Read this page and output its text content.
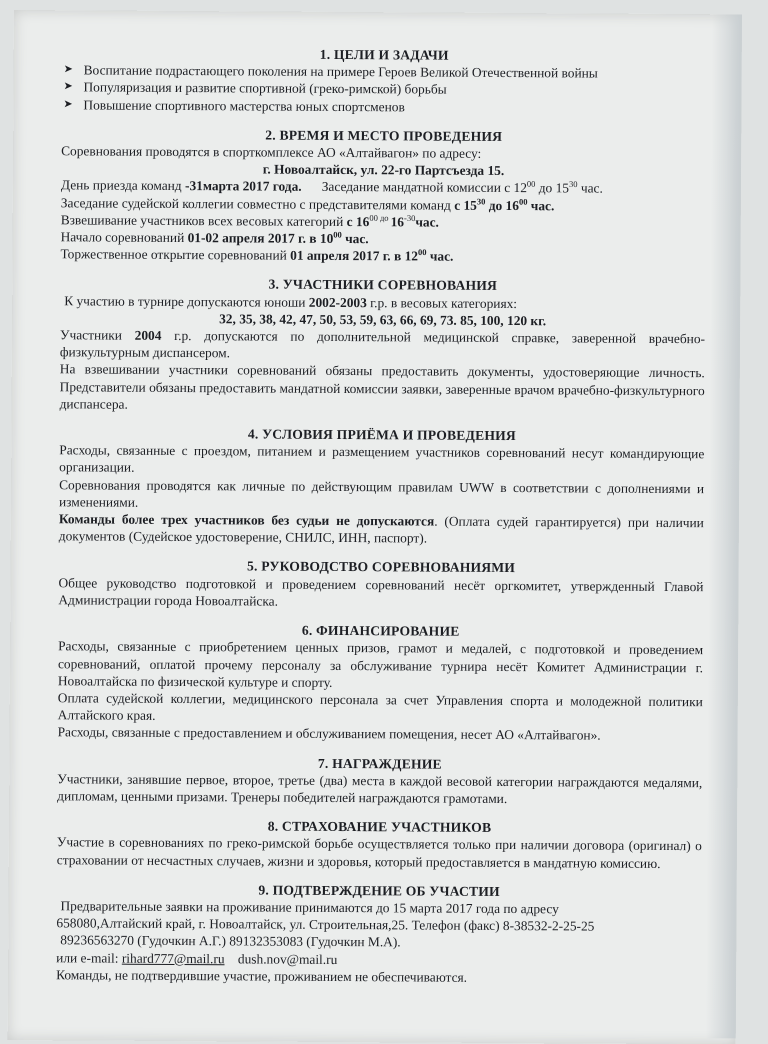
1. ЦЕЛИ И ЗАДАЧИ

➤ Воспитание подрастающего поколения на примере Героев Великой Отечественной войны
➤ Популяризация и развитие спортивной (греко-римской) борьбы
➤ Повышение спортивного мастерства юных спортсменов

2. ВРЕМЯ И МЕСТО ПРОВЕДЕНИЯ

Соревнования проводятся в спорткомплексе АО «Алтайвагон» по адресу:

г. Новоалтайск, ул. 22-го Партсъезда 15.

День приезда команд -31марта 2017 года. Заседание мандатной комиссии с $12^{00}$ до $15^{30}$ час.

Заседание судейской коллегии совместно с представителями команд с $15^{30}$ до $16^{00}$ час.

Взвешивание участников всех весовых категорий с $16^{00}$ $^{до}$ $16^{-30}час$.

Начало соревнований 01-02 апреля 2017 г. в $10^{00}$ час.

Торжественное открытие соревнований 01 апреля 2017 г. в $12^{00}$ час.

3. УЧАСТНИКИ СОРЕВНОВАНИЯ

К участию в турнире допускаются юноши 2002-2003 г.р. в весовых категориях:

32, 35, 38, 42, 47, 50, 53, 59, 63, 66, 69, 73. 85, 100, 120 кг.

Участники 2004 г.р. допускаются по дополнительной медицинской справке, заверенной врачебно-физкультурным диспансером.

На взвешивании участники соревнований обязаны предоставить документы, удостоверяющие личность. Представители обязаны предоставить мандатной комиссии заявки, заверенные врачом врачебно-физкультурного диспансера.

4. УСЛОВИЯ ПРИЁМА И ПРОВЕДЕНИЯ

Расходы, связанные с проездом, питанием и размещением участников соревнований несут командирующие организации.

Соревнования проводятся как личные по действующим правилам UWW в соответствии с дополнениями и изменениями.

Команды более трех участников без судьи не допускаются. (Оплата судей гарантируется) при наличии документов (Судейское удостоверение, СНИЛС, ИНН, паспорт).

5. РУКОВОДСТВО СОРЕВНОВАНИЯМИ

Общее руководство подготовкой и проведением соревнований несёт оргкомитет, утвержденный Главой Администрации города Новоалтайска.

6. ФИНАНСИРОВАНИЕ

Расходы, связанные с приобретением ценных призов, грамот и медалей, с подготовкой и проведением соревнований, оплатой прочему персоналу за обслуживание турнира несёт Комитет Администрации г. Новоалтайска по физической культуре и спорту.

Оплата судейской коллегии, медицинского персонала за счет Управления спорта и молодежной политики Алтайского края.

Расходы, связанные с предоставлением и обслуживанием помещения, несет АО «Алтайвагон».

7. НАГРАЖДЕНИЕ

Участники, занявшие первое, второе, третье (два) места в каждой весовой категории награждаются медалями, дипломам, ценными призами. Тренеры победителей награждаются грамотами.

8. СТРАХОВАНИЕ УЧАСТНИКОВ

Участие в соревнованиях по греко-римской борьбе осуществляется только при наличии договора (оригинал) о страховании от несчастных случаев, жизни и здоровья, который предоставляется в мандатную комиссию.

9. ПОДТВЕРЖДЕНИЕ ОБ УЧАСТИИ

Предварительные заявки на проживание принимаются до 15 марта 2017 года по адресу

658080,Алтайский край, г. Новоалтайск, ул. Строительная,25. Телефон (факс) 8-38532-2-25-25

89236563270 (Гудочкин А.Г.) 89132353083 (Гудочкин М.А).

или e-mail: rihard777@mail.ru dush.nov@mail.ru

Команды, не подтвердившие участие, проживанием не обеспечиваются.
